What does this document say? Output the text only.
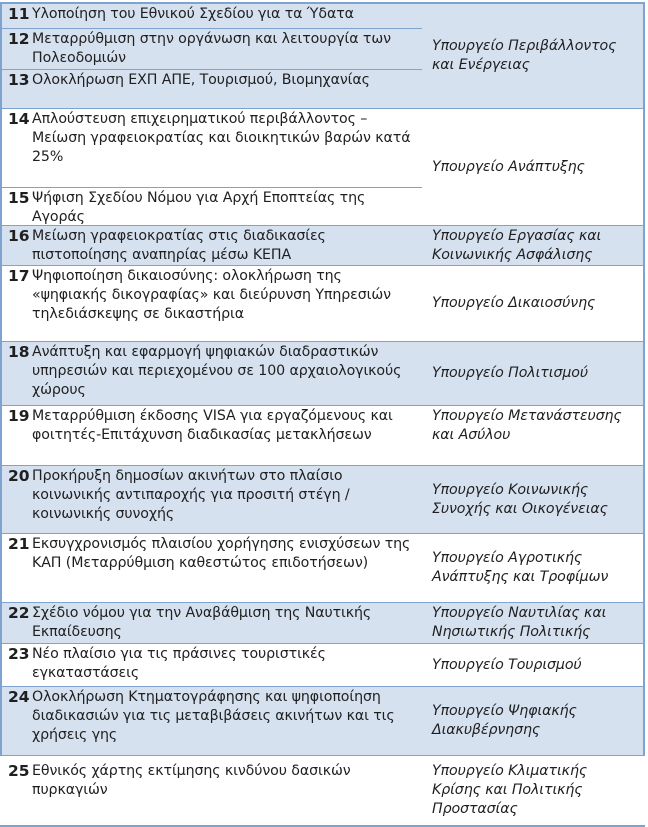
11 Υλοποίηση του Εθνικού Σχεδίου για τα Ύδατα
12 Μεταρρύθμιση στην οργάνωση και λειτουργία των Πολεοδομιών
13 Ολοκλήρωση ΕΧΠ ΑΠΕ, Τουρισμού, Βιομηχανίας
Υπουργείο Περιβάλλοντος και Ενέργειας
14 Απλούστευση επιχειρηματικού περιβάλλοντος – Μείωση γραφειοκρατίας και διοικητικών βαρών κατά 25%
15 Ψήφιση Σχεδίου Νόμου για Αρχή Εποπτείας της Αγοράς
Υπουργείο Ανάπτυξης
16 Μείωση γραφειοκρατίας στις διαδικασίες πιστοποίησης αναπηρίας μέσω ΚΕΠΑ
Υπουργείο Εργασίας και Κοινωνικής Ασφάλισης
17 Ψηφιοποίηση δικαιοσύνης: ολοκλήρωση της «ψηφιακής δικογραφίας» και διεύρυνση Υπηρεσιών τηλεδιάσκεψης σε δικαστήρια
Υπουργείο Δικαιοσύνης
18 Ανάπτυξη και εφαρμογή ψηφιακών διαδραστικών υπηρεσιών και περιεχομένου σε 100 αρχαιολογικούς χώρους
Υπουργείο Πολιτισμού
19 Μεταρρύθμιση έκδοσης VISA για εργαζόμενους και φοιτητές-Επιτάχυνση διαδικασίας μετακλήσεων
Υπουργείο Μετανάστευσης και Ασύλου
20 Προκήρυξη δημοσίων ακινήτων στο πλαίσιο κοινωνικής αντιπαροχής για προσιτή στέγη / κοινωνικής συνοχής
Υπουργείο Κοινωνικής Συνοχής και Οικογένειας
21 Εκσυγχρονισμός πλαισίου χορήγησης ενισχύσεων της ΚΑΠ (Μεταρρύθμιση καθεστώτος επιδοτήσεων)	Υπουργείο Αγροτικής Ανάπτυξης και Τροφίμων
22 Σχέδιο νόμου για την Αναβάθμιση της Ναυτικής Εκπαίδευσης
Υπουργείο Ναυτιλίας και Νησιωτικής Πολιτικής
23 Νέο πλαίσιο για τις πράσινες τουριστικές εγκαταστάσεις
Υπουργείο Τουρισμού
24 Ολοκλήρωση Κτηματογράφησης και ψηφιοποίηση διαδικασιών για τις μεταβιβάσεις ακινήτων και τις χρήσεις γης
Υπουργείο Ψηφιακής Διακυβέρνησης
25 Εθνικός χάρτης εκτίμησης κινδύνου δασικών πυρκαγιών
Υπουργείο Κλιματικής Κρίσης και Πολιτικής Προστασίας
